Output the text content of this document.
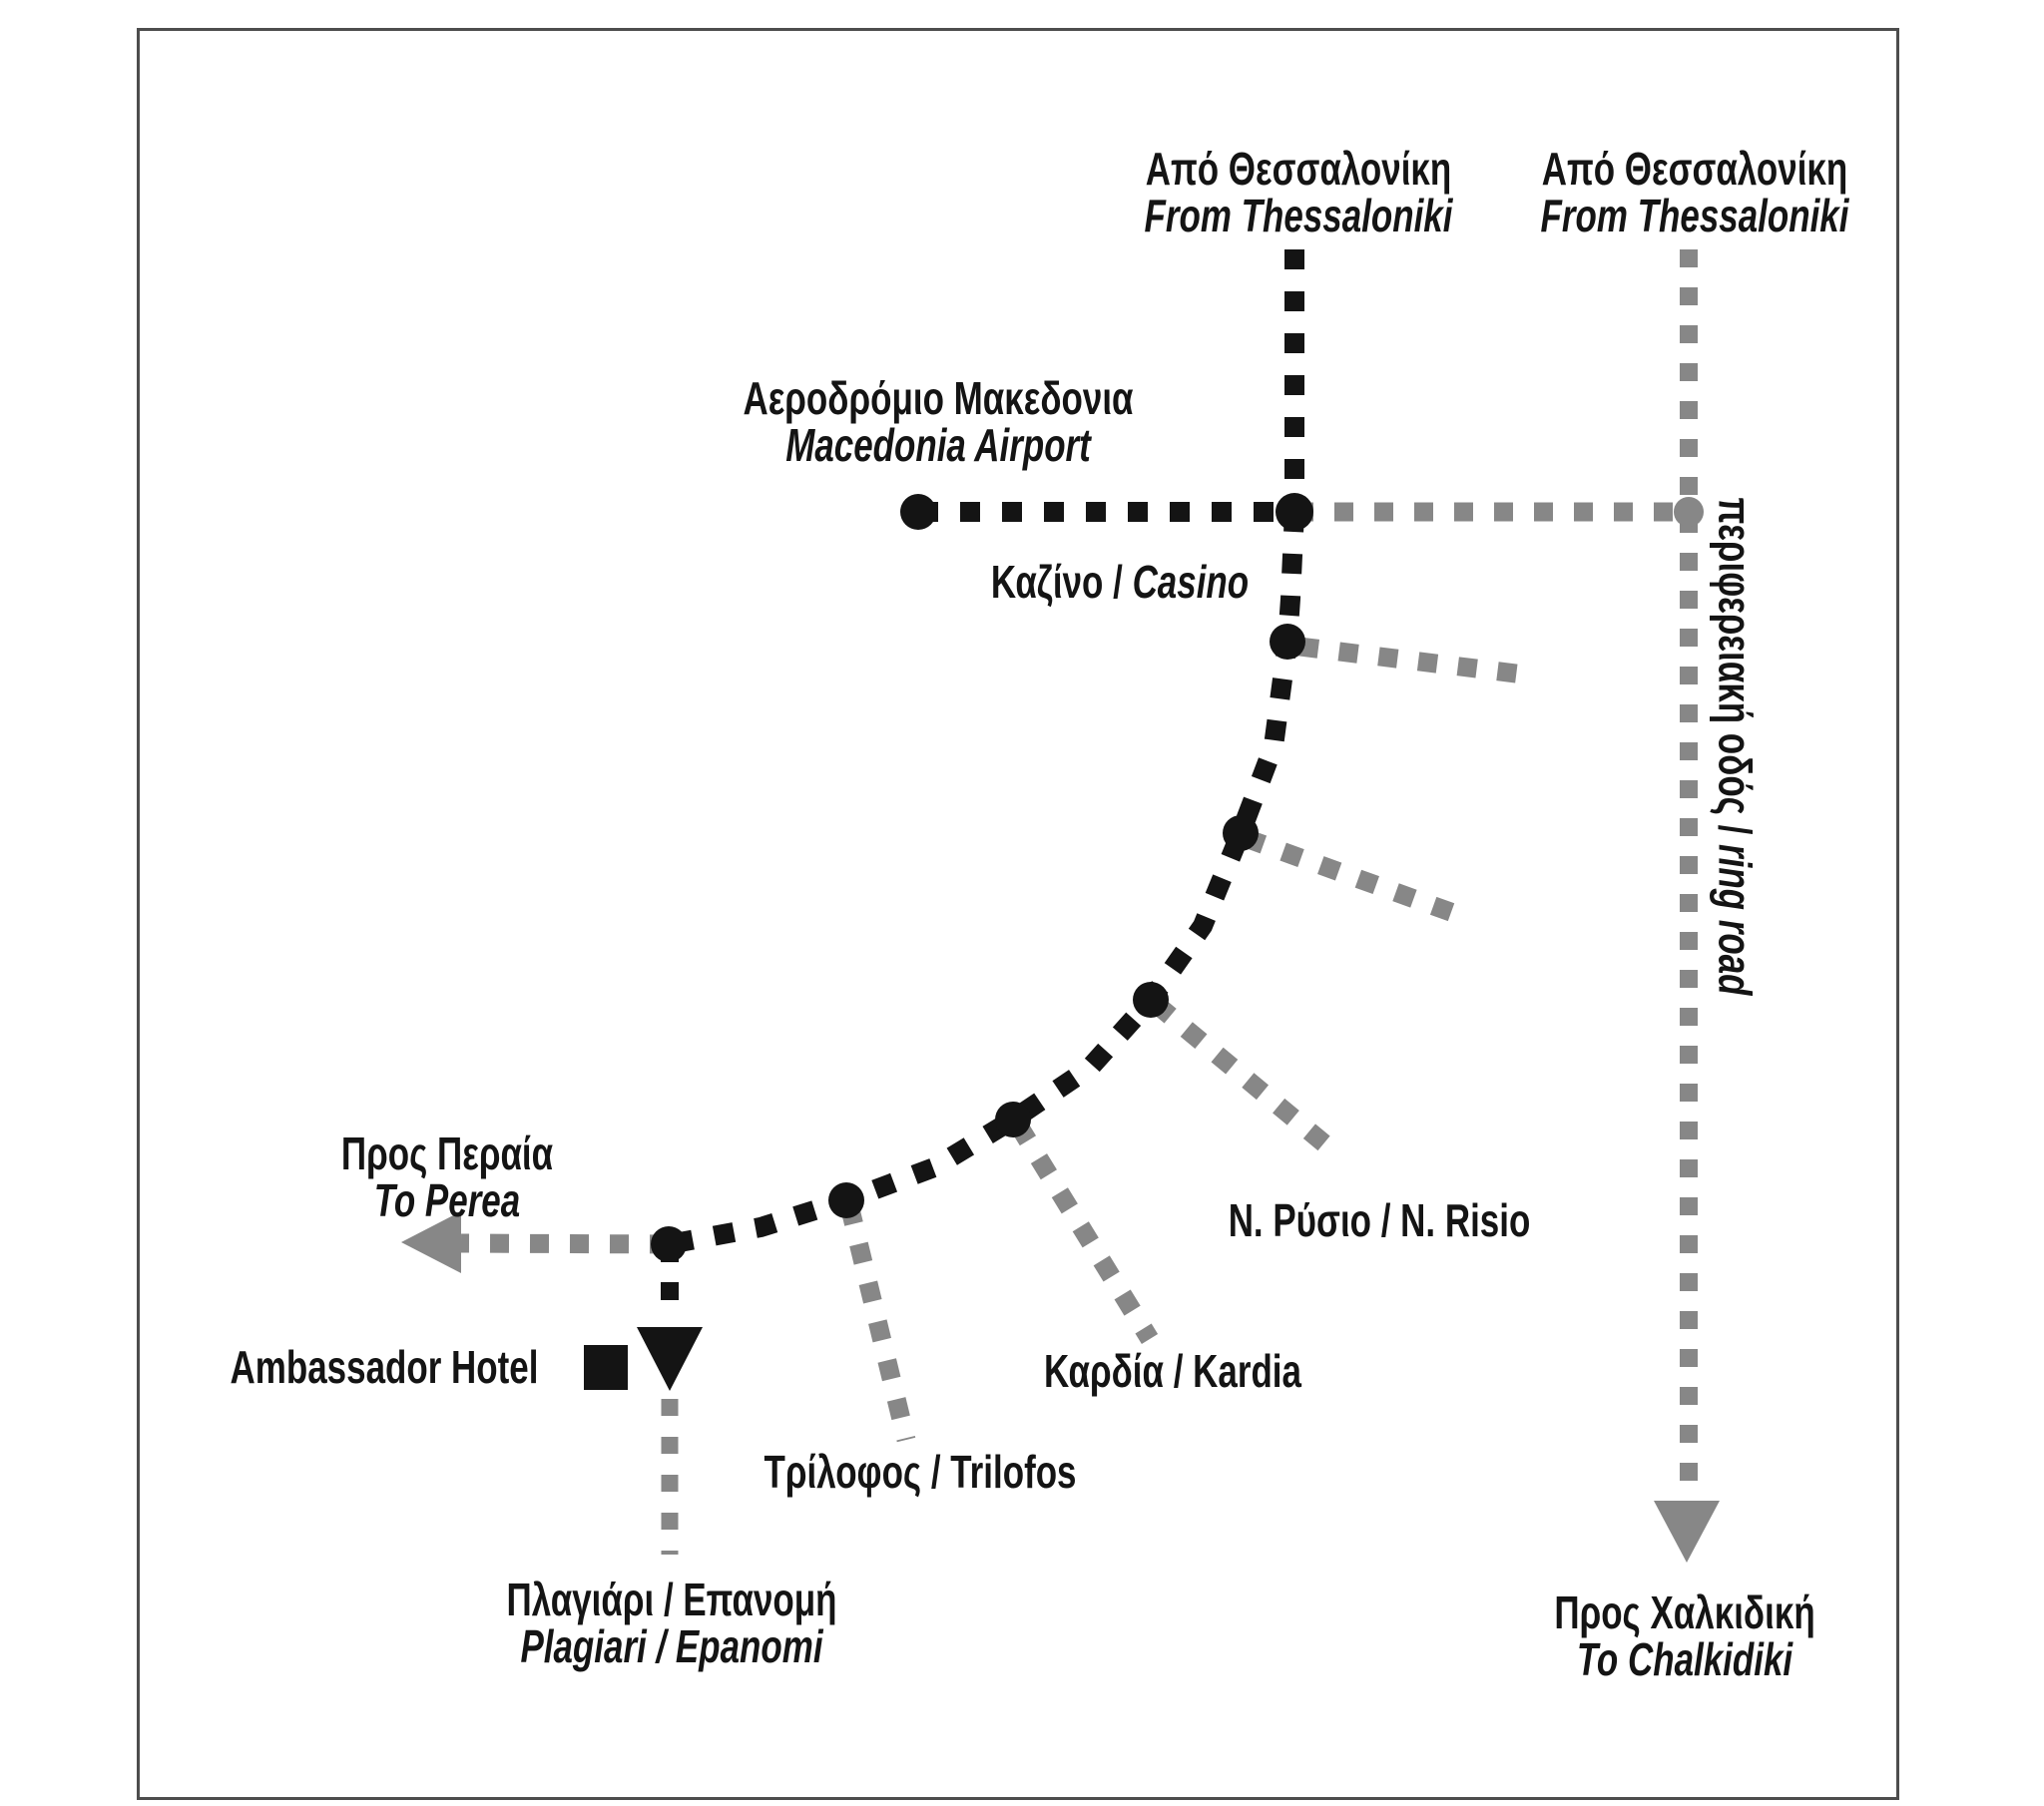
Από Θεσσαλονίκη
From Thessaloniki
Από Θεσσαλονίκη
From Thessaloniki
Αεροδρόμιο Μακεδονια
Macedonia Airport
Καζίνο / Casino	περιφερειακή οδός / ring road
N. Ρύσιο / N. Risio
Προς Περαία
To Perea
Ambassador Hotel	Καρδία / Kardia
Τρίλοφος / Trilofos
Πλαγιάρι / Επανομή
Plagiari / Epanomi
Προς Χαλκιδική
To Chalkidiki
